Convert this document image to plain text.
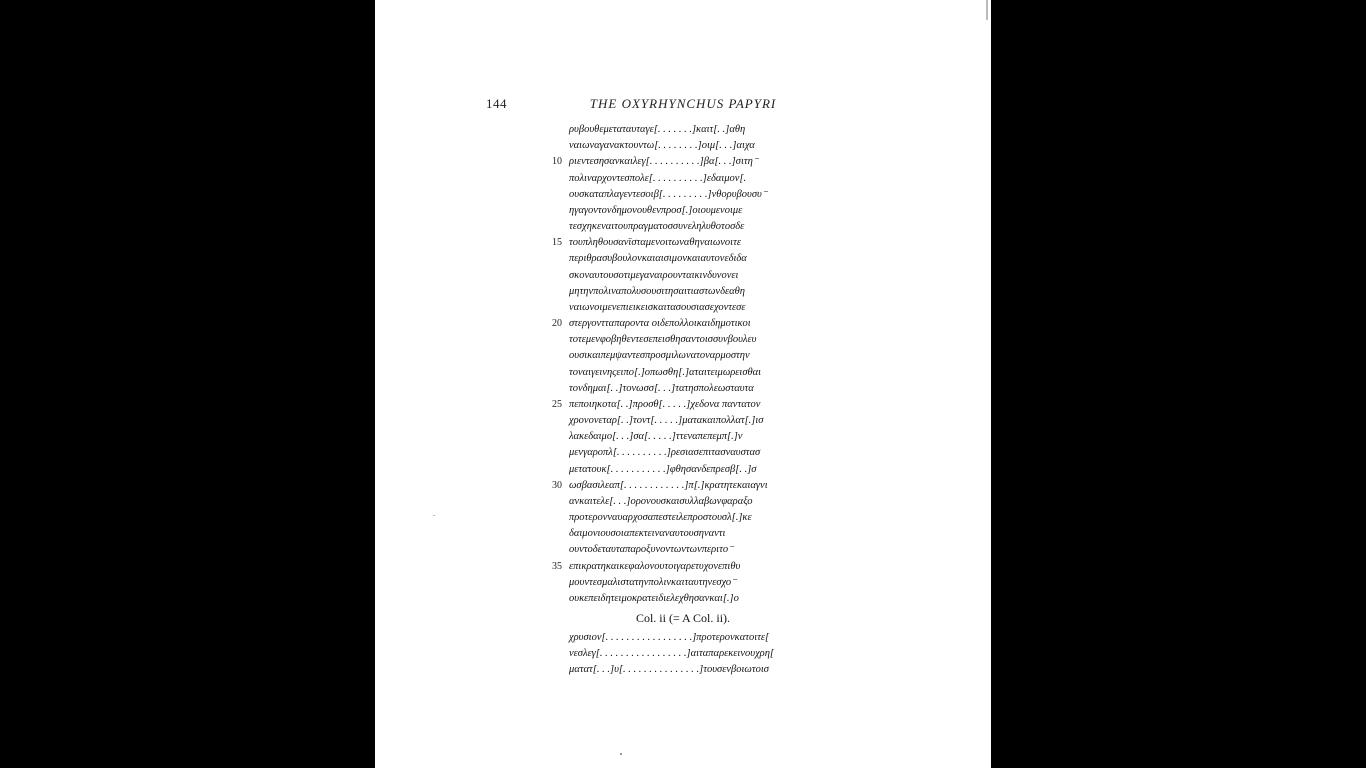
144	THE OXYRHYNCHUS PAPYRI
ρυβουθεμεταταυταγε[. . . . . . .]καιτ[. .]αθη
ναιωναγανακτουντω[. . . . . . . .]οιμ[. . .]αιχα
10 ριεντεσησανκαιλεγ[. . . . . . . . . .]βα[. . .]σιτη⁻
πολιναρχοντεσπολε[. . . . . . . . . .]εδαιμον[.
ουσκαταπλαγεντεσοιβ[. . . . . . . . .]νθορυβουσυ⁻
ηγαγοντονδημονουθενπροσ[.]οιουμενοιμε
τεσχηκεναιτουπραγματοσσυνεληλυθοτοσδε
15 τουπληθουσανϊσταμενοιτωναθηναιωνοιτε
περιθρασυβουλονκαιαισιμονκαιαυτονεδιδα
σκοναυτουσοτιμεγαναιρουνταικινδυνονει
μητηνπολιναπολυσουσιτησαιτιαστωνδεαθη
ναιωνοιμενεπιεικεισκαιτασουσιασεχοντεσε
20 στεργοντταπαροντα οιδεπολλοικαιδημοτικοι
τοτεμενφοβηθεντεσεπεισθησαντοισσυνβουλευ
ουσικαιπεμψαντεσπροσμιλωνατοναρμοστην
τοναιγεινηςειπο[.]οπωσθη[.]αταιτειμωρεισθαι
τονδημαι[. .]τονωσσ[. . .]τατησπολεωσταυτα
25 πεποιηκοτα[. .]προσθ[. . . . .]χεδονα παντατον
χρονονεταρ[. .]τοντ[. . . . .]ματακαιπολλατ[.]ισ
λακεδαιμο[. . .]σα[. . . . .]ττεναπεπεμπ[.]ν
μενγαροπλ[. . . . . . . . . .]ρεσιασεπιτασναυστασ
μετατουκ[. . . . . . . . . . .]φθησανδεπρεσβ[. .]σ
30 ωσβασιλεαπ[. . . . . . . . . . . .]π[.]κρατητεκαιαγνι
ανκαιτελε[. . .]ορονουσκαισυλλαβωνφαραξο
προτερονναυαρχοσαπεστειλεπροστουσλ[.]κε
δαιμονιουσοιαπεκτειναναυτουσηναντι
ουντοδεταυταπαροξυνοντωντωνπεριτο⁻
35 επικρατηκαικεφαλονουτοιγαρετυχονεπιθυ
μουντεσμαλιστατηνπολινκαιταυτηνεσχο⁻
ουκεπειδητειμοκρατειδιελεχθησανκαι[.]ο
Col. ii (= A Col. ii).
χρυσιον[. . . . . . . . . . . . . . . . .]προτερονκατοιτε[
νεσλεγ[. . . . . . . . . . . . . . . . .]αιταπαρεκεινουχρη[
ματατ[. . .]υ[. . . . . . . . . . . . . . .]τουσενβοιωτοισ
